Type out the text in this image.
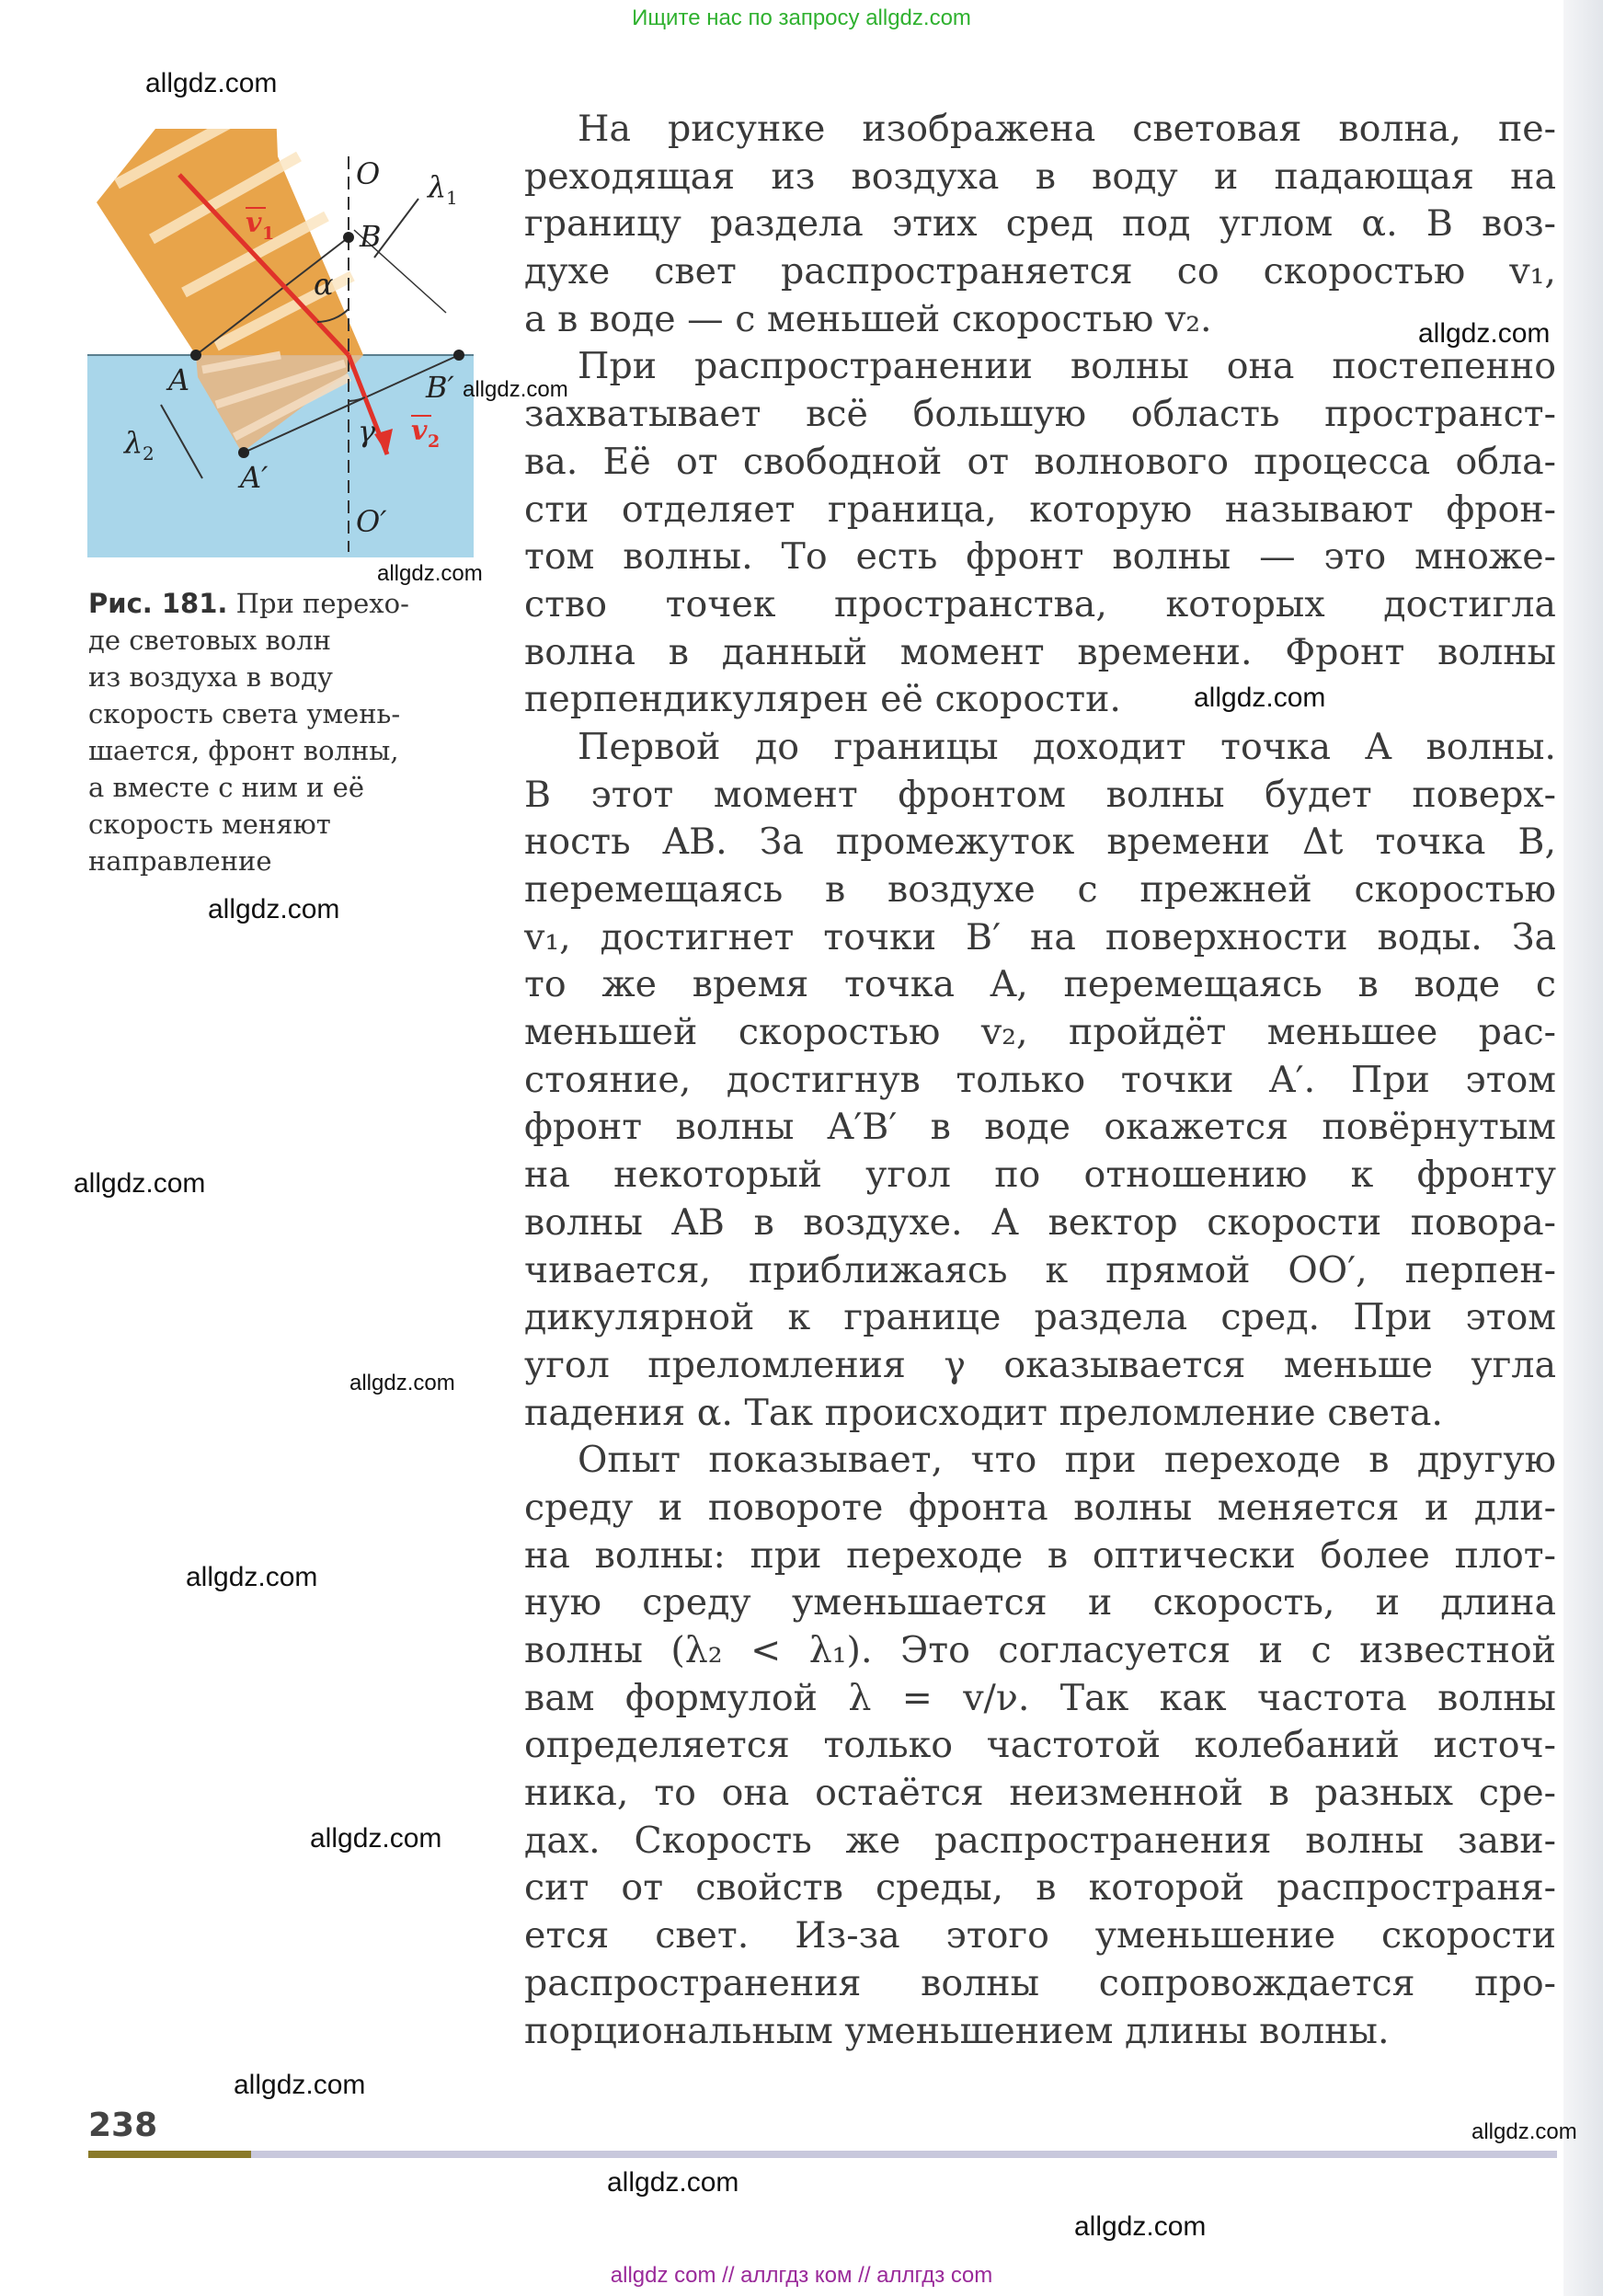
Ищите нас по запросу allgdz.com
O
B
α
A	B′
γ
A′
O′
λ 1
λ 2
v 1
v 2
Рис. 181. При перехо-
де световых волн
из воздуха в воду
скорость света умень-
шается, фронт волны,
а вместе с ним и её
скорость меняют
направление
На рисунке изображена световая волна, пе-
реходящая из воздуха в воду и падающая на
границу раздела этих сред под углом α. В воз-
духе свет распространяется со скоростью v₁,
а в воде — с меньшей скоростью v₂.
При распространении волны она постепенно
захватывает всё большую область пространст-
ва. Её от свободной от волнового процесса обла-
сти отделяет граница, которую называют фрон-
том волны. То есть фронт волны — это множе-
ство точек пространства, которых достигла
волна в данный момент времени. Фронт волны
перпендикулярен её скорости.
Первой до границы доходит точка A волны.
В этот момент фронтом волны будет поверх-
ность AB. За промежуток времени Δt точка B,
перемещаясь в воздухе с прежней скоростью
v₁, достигнет точки B′ на поверхности воды. За
то же время точка A, перемещаясь в воде с
меньшей скоростью v₂, пройдёт меньшее рас-
стояние, достигнув только точки A′. При этом
фронт волны A′B′ в воде окажется повёрнутым
на некоторый угол по отношению к фронту
волны AB в воздухе. А вектор скорости повора-
чивается, приближаясь к прямой OO′, перпен-
дикулярной к границе раздела сред. При этом
угол преломления γ оказывается меньше угла
падения α. Так происходит преломление света.
Опыт показывает, что при переходе в другую
среду и повороте фронта волны меняется и дли-
на волны: при переходе в оптически более плот-
ную среду уменьшается и скорость, и длина
волны (λ₂ < λ₁). Это согласуется и с известной
вам формулой λ = v/ν. Так как частота волны
определяется только частотой колебаний источ-
ника, то она остаётся неизменной в разных сре-
дах. Скорость же распространения волны зави-
сит от свойств среды, в которой распространя-
ется свет. Из-за этого уменьшение скорости
распространения волны сопровождается про-
порциональным уменьшением длины волны.
allgdz.com
allgdz.com
allgdz.com
allgdz.com
allgdz.com
allgdz.com
allgdz.com
allgdz.com
allgdz.com
allgdz.com
allgdz.com
allgdz.com
allgdz.com
allgdz.com
238
allgdz com // аллгдз ком // аллгдз com
